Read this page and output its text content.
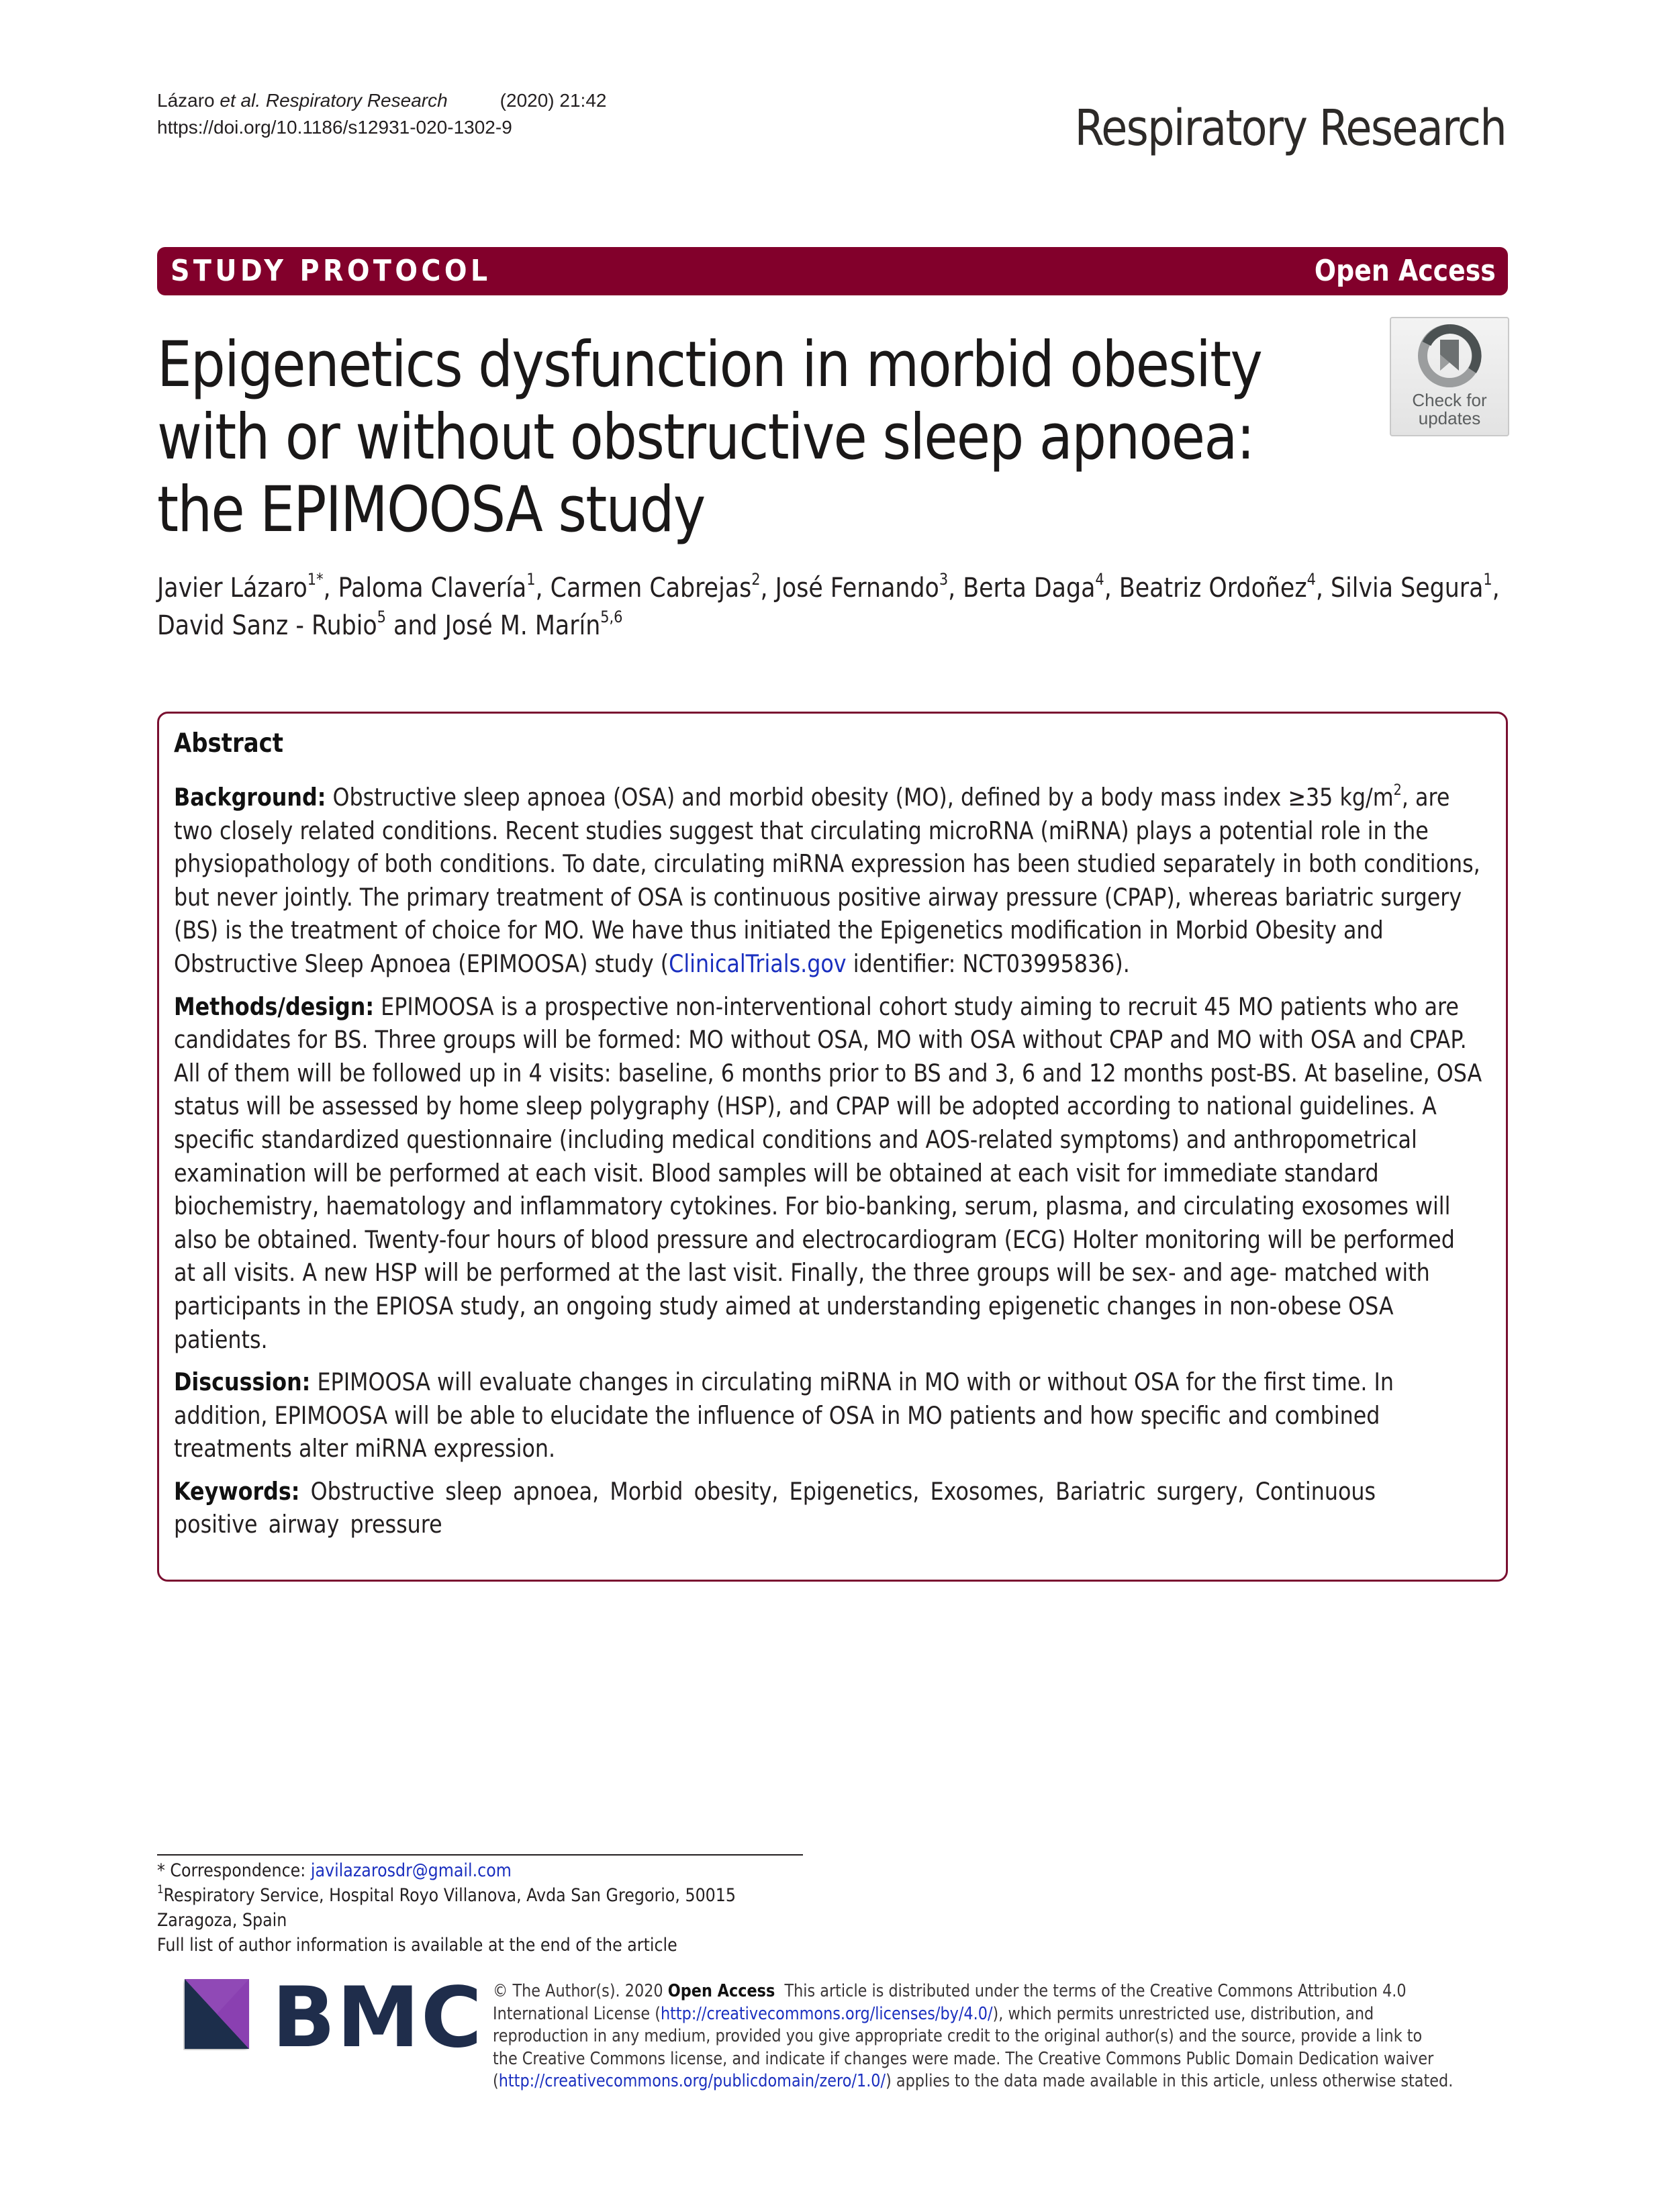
Lázaro et al. Respiratory Research	(2020) 21:42
https://doi.org/10.1186/s12931-020-1302-9	Respiratory Research
STUDY PROTOCOL	Open Access
Epigenetics dysfunction in morbid obesity
with or without obstructive sleep apnoea:
the EPIMOOSA study
Check for
updates
Javier Lázaro$^{1*}$, Paloma Clavería$^1$, Carmen Cabrejas$^2$, José Fernando$^3$, Berta Daga$^4$, Beatriz Ordoñez$^4$, Silvia Segura$^1$,
David Sanz - Rubio$^5$ and José M. Marín$^{5,6}$
Abstract

Background: Obstructive sleep apnoea (OSA) and morbid obesity (MO), defined by a body mass index ≥35 $kg/m^2$, are two closely related conditions. Recent studies suggest that circulating microRNA (miRNA) plays a potential role in the physiopathology of both conditions. To date, circulating miRNA expression has been studied separately in both conditions, but never jointly. The primary treatment of OSA is continuous positive airway pressure (CPAP), whereas bariatric surgery (BS) is the treatment of choice for MO. We have thus initiated the Epigenetics modification in Morbid Obesity and Obstructive Sleep Apnoea (EPIMOOSA) study (ClinicalTrials.gov identifier: NCT03995836).

Methods/design: EPIMOOSA is a prospective non-interventional cohort study aiming to recruit 45 MO patients who are candidates for BS. Three groups will be formed: MO without OSA, MO with OSA without CPAP and MO with OSA and CPAP. All of them will be followed up in 4 visits: baseline, 6 months prior to BS and 3, 6 and 12 months post-BS. At baseline, OSA status will be assessed by home sleep polygraphy (HSP), and CPAP will be adopted according to national guidelines. A specific standardized questionnaire (including medical conditions and AOS-related symptoms) and anthropometrical examination will be performed at each visit. Blood samples will be obtained at each visit for immediate standard biochemistry, haematology and inflammatory cytokines. For bio-banking, serum, plasma, and circulating exosomes will also be obtained. Twenty-four hours of blood pressure and electrocardiogram (ECG) Holter monitoring will be performed at all visits. A new HSP will be performed at the last visit. Finally, the three groups will be sex- and age- matched with participants in the EPIOSA study, an ongoing study aimed at understanding epigenetic changes in non-obese OSA patients.

Discussion: EPIMOOSA will evaluate changes in circulating miRNA in MO with or without OSA for the first time. In addition, EPIMOOSA will be able to elucidate the influence of OSA in MO patients and how specific and combined treatments alter miRNA expression.

Keywords: Obstructive sleep apnoea, Morbid obesity, Epigenetics, Exosomes, Bariatric surgery, Continuous
positive airway pressure

* Correspondence: javilazarosdr@gmail.com
$^1$Respiratory Service, Hospital Royo Villanova, Avda San Gregorio, 50015
Zaragoza, Spain
Full list of author information is available at the end of the article
BMC © The Author(s). 2020 Open Access  This article is distributed under the terms of the Creative Commons Attribution 4.0
International License (http://creativecommons.org/licenses/by/4.0/), which permits unrestricted use, distribution, and
reproduction in any medium, provided you give appropriate credit to the original author(s) and the source, provide a link to
the Creative Commons license, and indicate if changes were made. The Creative Commons Public Domain Dedication waiver
(http://creativecommons.org/publicdomain/zero/1.0/) applies to the data made available in this article, unless otherwise stated.
